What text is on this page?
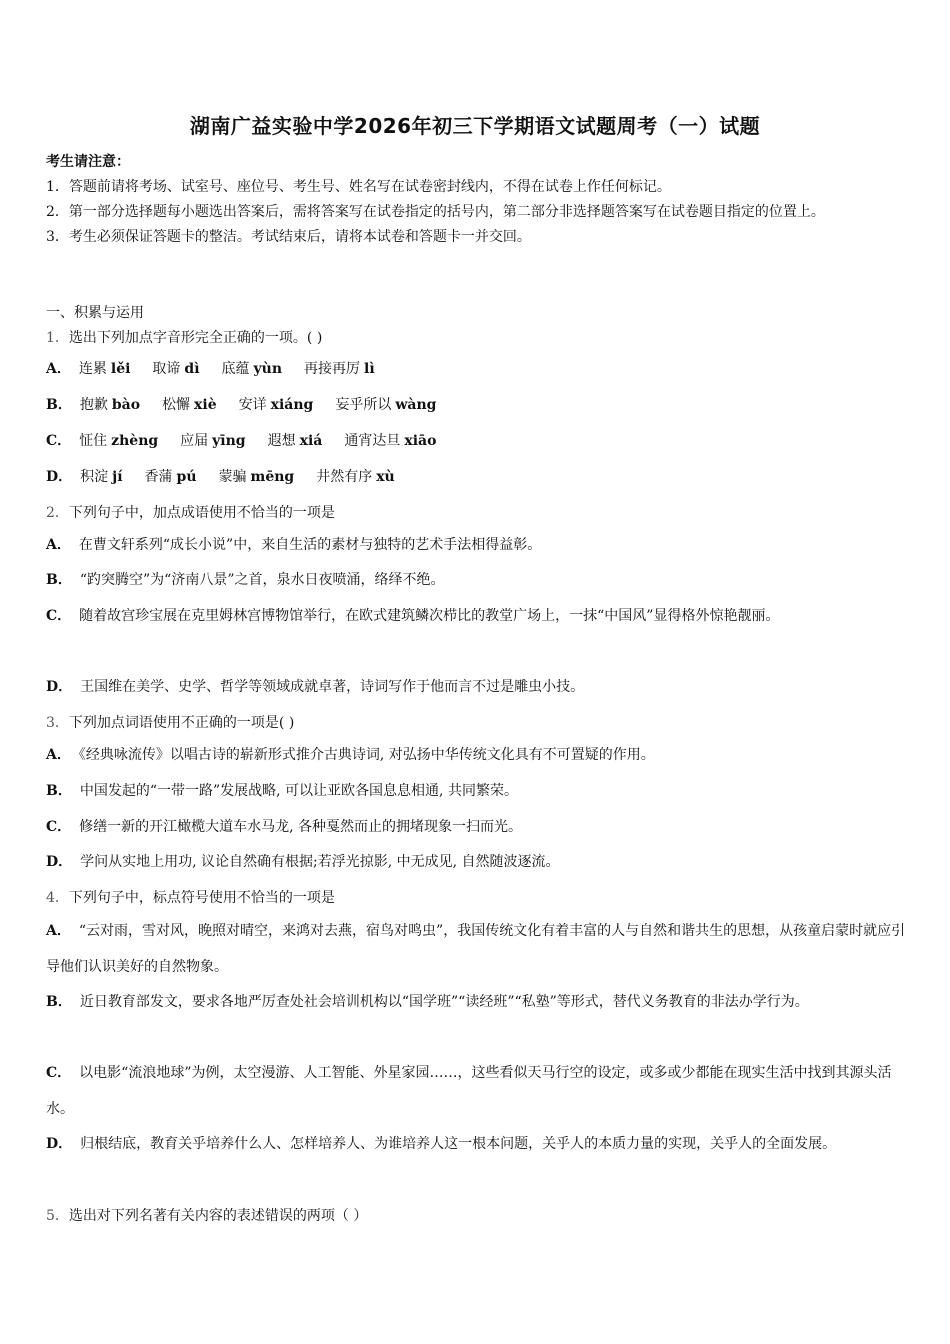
湖南广益实验中学2026年初三下学期语文试题周考（一）试题
考生请注意：
1．答题前请将考场、试室号、座位号、考生号、姓名写在试卷密封线内，不得在试卷上作任何标记。
2．第一部分选择题每小题选出答案后，需将答案写在试卷指定的括号内，第二部分非选择题答案写在试卷题目指定的位置上。
3．考生必须保证答题卡的整洁。考试结束后，请将本试卷和答题卡一并交回。
一、积累与运用
1．选出下列加点字音形完全正确的一项。( )
A． 连累 lěi 取谛 dì 底蕴 yùn 再接再厉 lì
B． 抱歉 bào 松懈 xiè 安详 xiáng 妄乎所以 wàng
C． 怔住 zhèng 应届 yīng 遐想 xiá 通宵达旦 xiāo
D． 积淀 jí 香蒲 pú 蒙骗 mēng 井然有序 xù
2．下列句子中，加点成语使用不恰当的一项是
A． 在曹文轩系列“成长小说”中，来自生活的素材与独特的艺术手法相得益彰。
B． “趵突腾空”为“济南八景”之首，泉水日夜喷涌，络绎不绝。
C． 随着故宫珍宝展在克里姆林宫博物馆举行，在欧式建筑鳞次栉比的教堂广场上，一抹“中国风”显得格外惊艳靓丽。
D． 王国维在美学、史学、哲学等领域成就卓著，诗词写作于他而言不过是雕虫小技。
3．下列加点词语使用不正确的一项是( )
A． 《经典咏流传》以唱古诗的崭新形式推介古典诗词, 对弘扬中华传统文化具有不可置疑的作用。
B． 中国发起的“一带一路”发展战略, 可以让亚欧各国息息相通, 共同繁荣。
C． 修缮一新的开江橄榄大道车水马龙, 各种戛然而止的拥堵现象一扫而光。
D． 学问从实地上用功, 议论自然确有根据;若浮光掠影, 中无成见, 自然随波逐流。
4．下列句子中，标点符号使用不恰当的一项是
A． “云对雨，雪对风，晚照对晴空，来鸿对去燕，宿鸟对鸣虫”，我国传统文化有着丰富的人与自然和谐共生的思想，从孩童启蒙时就应引导他们认识美好的自然物象。
B． 近日教育部发文，要求各地严厉查处社会培训机构以“国学班”“读经班”“私塾”等形式，替代义务教育的非法办学行为。
C． 以电影“流浪地球”为例，太空漫游、人工智能、外星家园……，这些看似天马行空的设定，或多或少都能在现实生活中找到其源头活水。
D． 归根结底，教育关乎培养什么人、怎样培养人、为谁培养人这一根本问题，关乎人的本质力量的实现，关乎人的全面发展。
5．选出对下列名著有关内容的表述错误的两项（ ）
